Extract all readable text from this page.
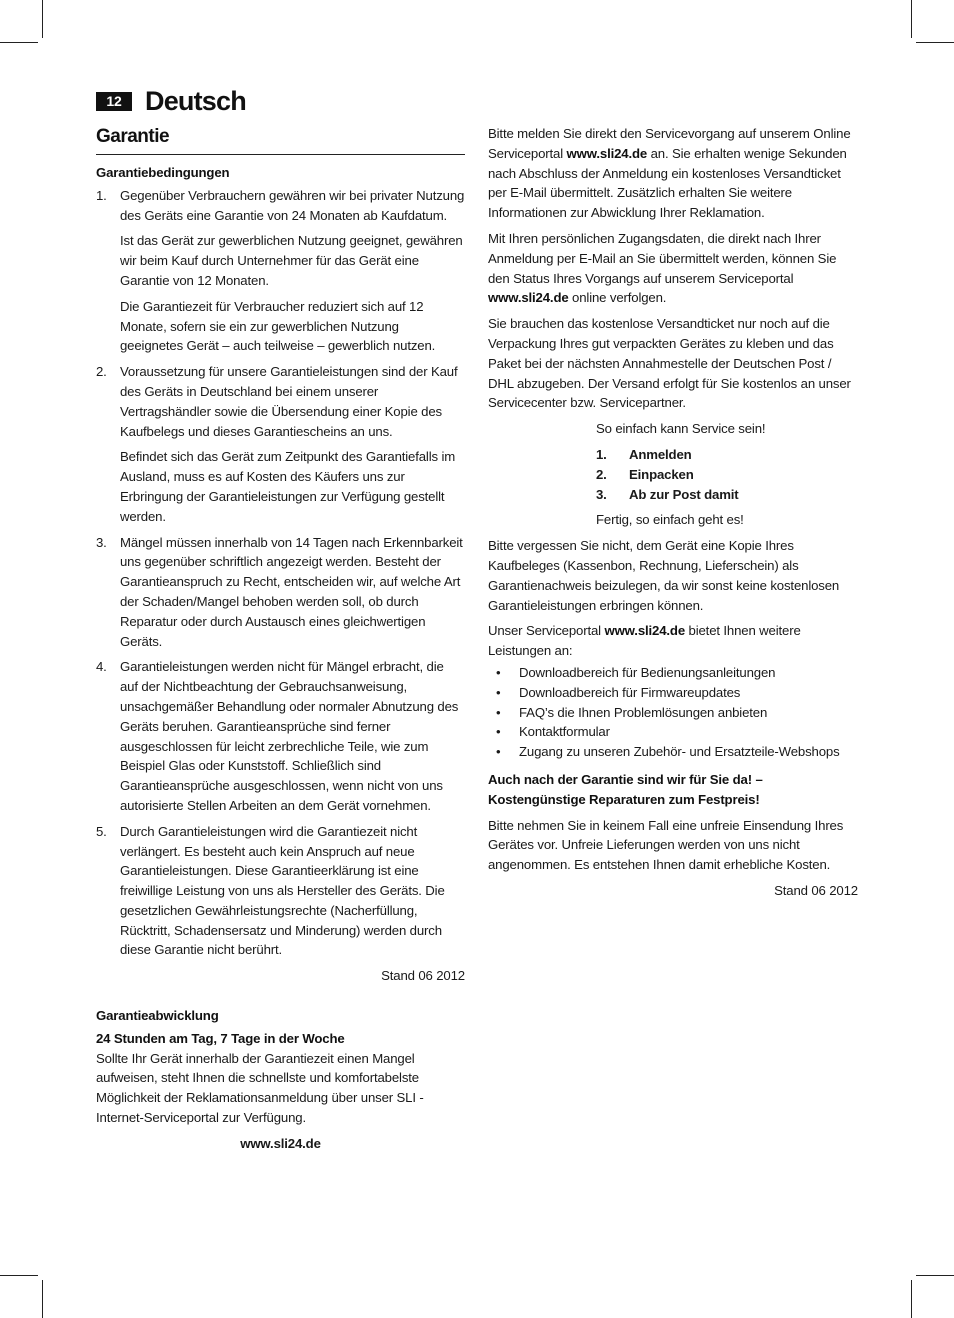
12 Deutsch
Garantie
Garantiebedingungen
1. Gegenüber Verbrauchern gewähren wir bei privater Nutzung des Geräts eine Garantie von 24 Monaten ab Kaufdatum.
Ist das Gerät zur gewerblichen Nutzung geeignet, gewähren wir beim Kauf durch Unternehmer für das Gerät eine Garantie von 12 Monaten.
Die Garantiezeit für Verbraucher reduziert sich auf 12 Monate, sofern sie ein zur gewerblichen Nutzung geeignetes Gerät – auch teilweise – gewerblich nutzen.
2. Voraussetzung für unsere Garantieleistungen sind der Kauf des Geräts in Deutschland bei einem unserer Vertragshändler sowie die Übersendung einer Kopie des Kaufbelegs und dieses Garantiescheins an uns.
Befindet sich das Gerät zum Zeitpunkt des Garantiefalls im Ausland, muss es auf Kosten des Käufers uns zur Erbringung der Garantieleistungen zur Verfügung gestellt werden.
3. Mängel müssen innerhalb von 14 Tagen nach Erkennbarkeit uns gegenüber schriftlich angezeigt werden. Besteht der Garantieanspruch zu Recht, entscheiden wir, auf welche Art der Schaden/Mangel behoben werden soll, ob durch Reparatur oder durch Austausch eines gleichwertigen Geräts.
4. Garantieleistungen werden nicht für Mängel erbracht, die auf der Nichtbeachtung der Gebrauchsanweisung, unsachgemäßer Behandlung oder normaler Abnutzung des Geräts beruhen. Garantieansprüche sind ferner ausgeschlossen für leicht zerbrechliche Teile, wie zum Beispiel Glas oder Kunststoff. Schließlich sind Garantieansprüche ausgeschlossen, wenn nicht von uns autorisierte Stellen Arbeiten an dem Gerät vornehmen.
5. Durch Garantieleistungen wird die Garantiezeit nicht verlängert. Es besteht auch kein Anspruch auf neue Garantieleistungen. Diese Garantieerklärung ist eine freiwillige Leistung von uns als Hersteller des Geräts. Die gesetzlichen Gewährleistungsrechte (Nacherfüllung, Rücktritt, Schadensersatz und Minderung) werden durch diese Garantie nicht berührt.

Stand 06 2012

Garantieabwicklung
24 Stunden am Tag, 7 Tage in der Woche

Sollte Ihr Gerät innerhalb der Garantiezeit einen Mangel aufweisen, steht Ihnen die schnellste und komfortabelste Möglichkeit der Reklamationsanmeldung über unser SLI - Internet-Serviceportal zur Verfügung.

www.sli24.de

Bitte melden Sie direkt den Servicevorgang auf unserem Online Serviceportal www.sli24.de an. Sie erhalten wenige Sekunden nach Abschluss der Anmeldung ein kostenloses Versandticket per E-Mail übermittelt. Zusätzlich erhalten Sie weitere Informationen zur Abwicklung Ihrer Reklamation.

Mit Ihren persönlichen Zugangsdaten, die direkt nach Ihrer Anmeldung per E-Mail an Sie übermittelt werden, können Sie den Status Ihres Vorgangs auf unserem Serviceportal www.sli24.de online verfolgen.

Sie brauchen das kostenlose Versandticket nur noch auf die Verpackung Ihres gut verpackten Gerätes zu kleben und das Paket bei der nächsten Annahmestelle der Deutschen Post / DHL abzugeben. Der Versand erfolgt für Sie kostenlos an unser Servicecenter bzw. Servicepartner.

So einfach kann Service sein!

1. Anmelden
2. Einpacken
3. Ab zur Post damit

Fertig, so einfach geht es!

Bitte vergessen Sie nicht, dem Gerät eine Kopie Ihres Kaufbeleges (Kassenbon, Rechnung, Lieferschein) als Garantienachweis beizulegen, da wir sonst keine kostenlosen Garantieleistungen erbringen können.

Unser Serviceportal www.sli24.de bietet Ihnen weitere Leistungen an:

• Downloadbereich für Bedienungsanleitungen
• Downloadbereich für Firmwareupdates
• FAQ’s die Ihnen Problemlösungen anbieten
• Kontaktformular
• Zugang zu unseren Zubehör- und Ersatzteile-Webshops

Auch nach der Garantie sind wir für Sie da! – Kostengünstige Reparaturen zum Festpreis!

Bitte nehmen Sie in keinem Fall eine unfreie Einsendung Ihres Gerätes vor. Unfreie Lieferungen werden von uns nicht angenommen. Es entstehen Ihnen damit erhebliche Kosten.

Stand 06 2012
